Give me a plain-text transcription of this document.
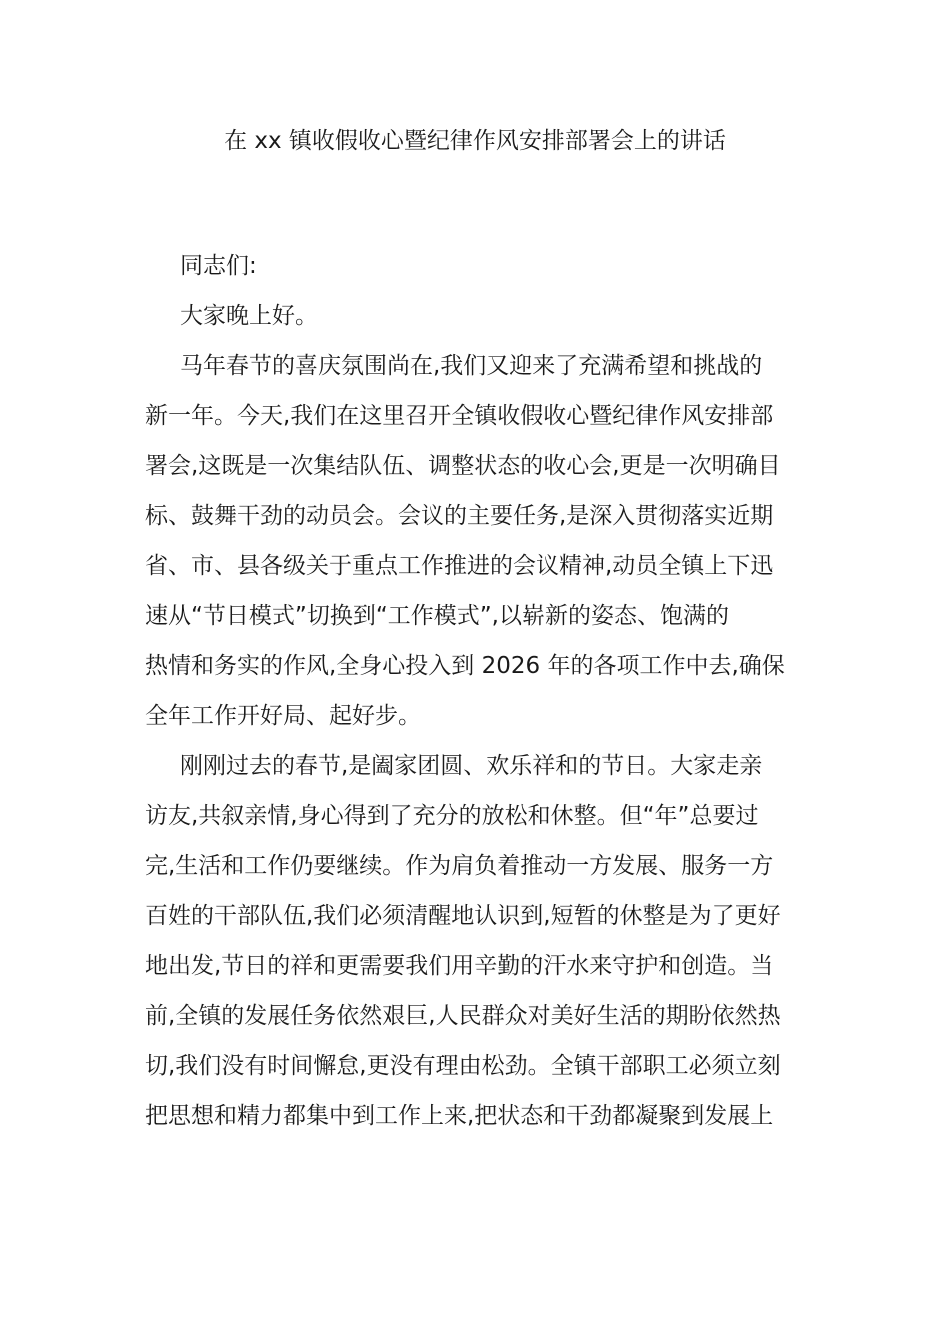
在 xx 镇收假收心暨纪律作风安排部署会上的讲话
同志们:
大家晚上好。
马年春节的喜庆氛围尚在,我们又迎来了充满希望和挑战的
新一年。今天,我们在这里召开全镇收假收心暨纪律作风安排部
署会,这既是一次集结队伍、调整状态的收心会,更是一次明确目
标、鼓舞干劲的动员会。会议的主要任务,是深入贯彻落实近期
省、市、县各级关于重点工作推进的会议精神,动员全镇上下迅
速从“节日模式”切换到“工作模式”,以崭新的姿态、饱满的
热情和务实的作风,全身心投入到 2026 年的各项工作中去,确保
全年工作开好局、起好步。
刚刚过去的春节,是阖家团圆、欢乐祥和的节日。大家走亲
访友,共叙亲情,身心得到了充分的放松和休整。但“年”总要过
完,生活和工作仍要继续。作为肩负着推动一方发展、服务一方
百姓的干部队伍,我们必须清醒地认识到,短暂的休整是为了更好
地出发,节日的祥和更需要我们用辛勤的汗水来守护和创造。当
前,全镇的发展任务依然艰巨,人民群众对美好生活的期盼依然热
切,我们没有时间懈怠,更没有理由松劲。全镇干部职工必须立刻
把思想和精力都集中到工作上来,把状态和干劲都凝聚到发展上
